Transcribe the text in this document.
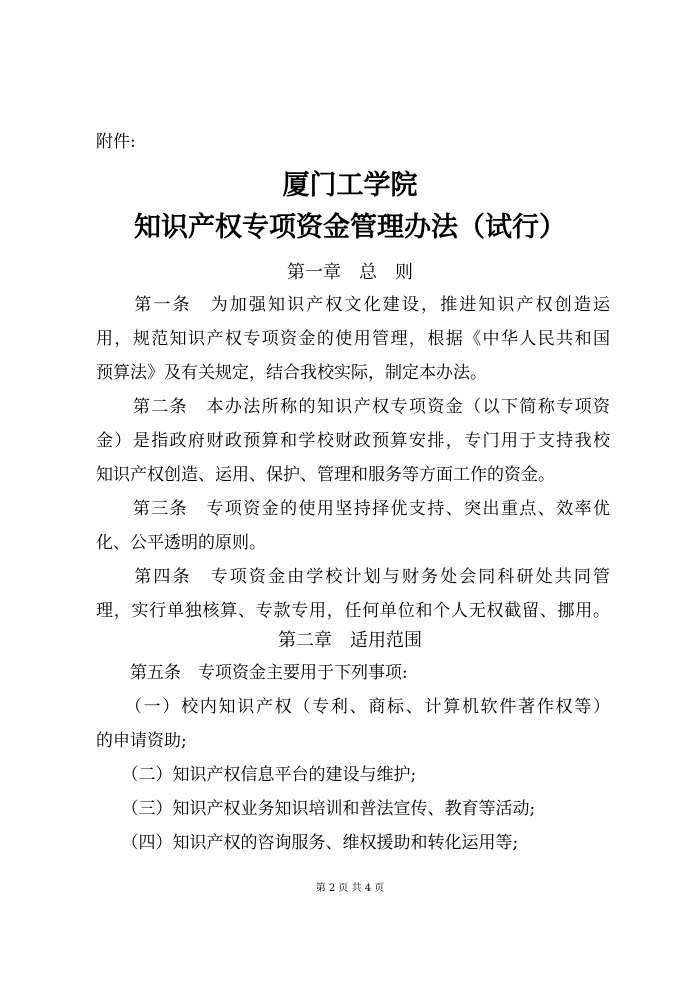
附件:
厦门工学院
知识产权专项资金管理办法（试行）
第一章　总　则
　　第一条　为加强知识产权文化建设，推进知识产权创造运
用，规范知识产权专项资金的使用管理，根据《中华人民共和国
预算法》及有关规定，结合我校实际，制定本办法。
　　第二条　本办法所称的知识产权专项资金（以下简称专项资
金）是指政府财政预算和学校财政预算安排，专门用于支持我校
知识产权创造、运用、保护、管理和服务等方面工作的资金。
　　第三条　专项资金的使用坚持择优支持、突出重点、效率优
化、公平透明的原则。
　　第四条　专项资金由学校计划与财务处会同科研处共同管
理，实行单独核算、专款专用，任何单位和个人无权截留、挪用。
第二章　适用范围
　　第五条　专项资金主要用于下列事项:
　　（一）校内知识产权（专利、商标、计算机软件著作权等）
的申请资助;
　　（二）知识产权信息平台的建设与维护;
　　（三）知识产权业务知识培训和普法宣传、教育等活动;
　　（四）知识产权的咨询服务、维权援助和转化运用等;
第 2 页 共 4 页
